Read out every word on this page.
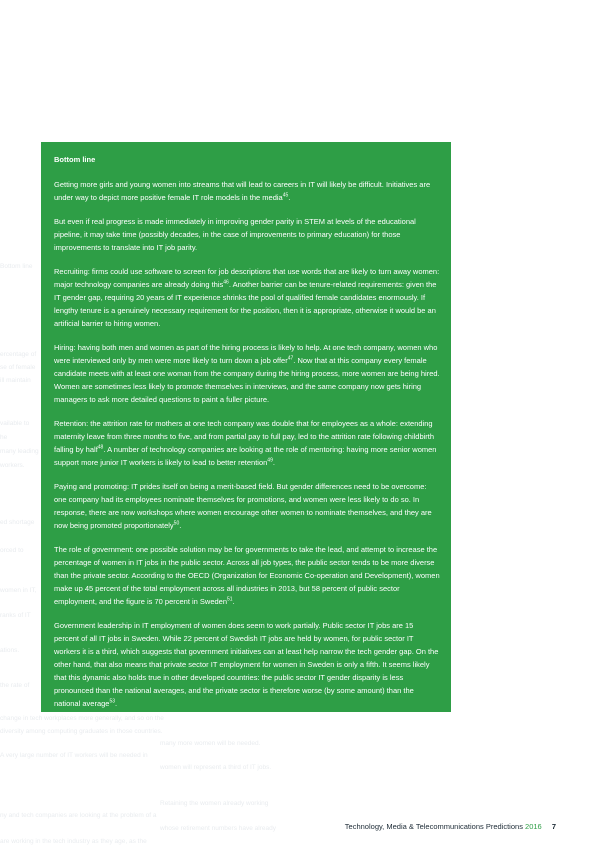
Bottom line
ercentage of
se of female
ill maintain
vailable to
he
many leading
workers.
ed shortage
orced to
women in IT,
ranks of IT
ations.
the rate of
change in tech workplaces more generally, and so on the
diversity among computing graduates in those countries.
many more women will be needed.
A very large number of IT workers will be needed in
women will represent a third of IT jobs.
Retaining the women already working
ny and tech companies are looking at the problem of a
whose retirement numbers have already
are working in the tech industry as they age, as the

Bottom line

Getting more girls and young women into streams that will lead to careers in IT will likely be difficult. Initiatives are under way to depict more positive female IT role models in the media$^{45}$.

But even if real progress is made immediately in improving gender parity in STEM at levels of the educational pipeline, it may take time (possibly decades, in the case of improvements to primary education) for those improvements to translate into IT job parity.

Recruiting: firms could use software to screen for job descriptions that use words that are likely to turn away women: major technology companies are already doing this$^{46}$. Another barrier can be tenure-related requirements: given the IT gender gap, requiring 20 years of IT experience shrinks the pool of qualified female candidates enormously. If lengthy tenure is a genuinely necessary requirement for the position, then it is appropriate, otherwise it would be an artificial barrier to hiring women.

Hiring: having both men and women as part of the hiring process is likely to help. At one tech company, women who were interviewed only by men were more likely to turn down a job offer$^{47}$. Now that at this company every female candidate meets with at least one woman from the company during the hiring process, more women are being hired. Women are sometimes less likely to promote themselves in interviews, and the same company now gets hiring managers to ask more detailed questions to paint a fuller picture.

Retention: the attrition rate for mothers at one tech company was double that for employees as a whole: extending maternity leave from three months to five, and from partial pay to full pay, led to the attrition rate following childbirth falling by half$^{48}$. A number of technology companies are looking at the role of mentoring: having more senior women support more junior IT workers is likely to lead to better retention$^{49}$.

Paying and promoting: IT prides itself on being a merit-based field. But gender differences need to be overcome: one company had its employees nominate themselves for promotions, and women were less likely to do so. In response, there are now workshops where women encourage other women to nominate themselves, and they are now being promoted proportionately$^{50}$.

The role of government: one possible solution may be for governments to take the lead, and attempt to increase the percentage of women in IT jobs in the public sector. Across all job types, the public sector tends to be more diverse than the private sector. According to the OECD (Organization for Economic Co-operation and Development), women make up 45 percent of the total employment across all industries in 2013, but 58 percent of public sector employment, and the figure is 70 percent in Sweden$^{51}$.

Government leadership in IT employment of women does seem to work partially. Public sector IT jobs are 15 percent of all IT jobs in Sweden. While 22 percent of Swedish IT jobs are held by women, for public sector IT workers it is a third, which suggests that government initiatives can at least help narrow the tech gender gap. On the other hand, that also means that private sector IT employment for women in Sweden is only a fifth. It seems likely that this dynamic also holds true in other developed countries: the public sector IT gender disparity is less pronounced than the national averages, and the private sector is therefore worse (by some amount) than the national average$^{53}$.

Technology, Media & Telecommunications Predictions 2016 7
